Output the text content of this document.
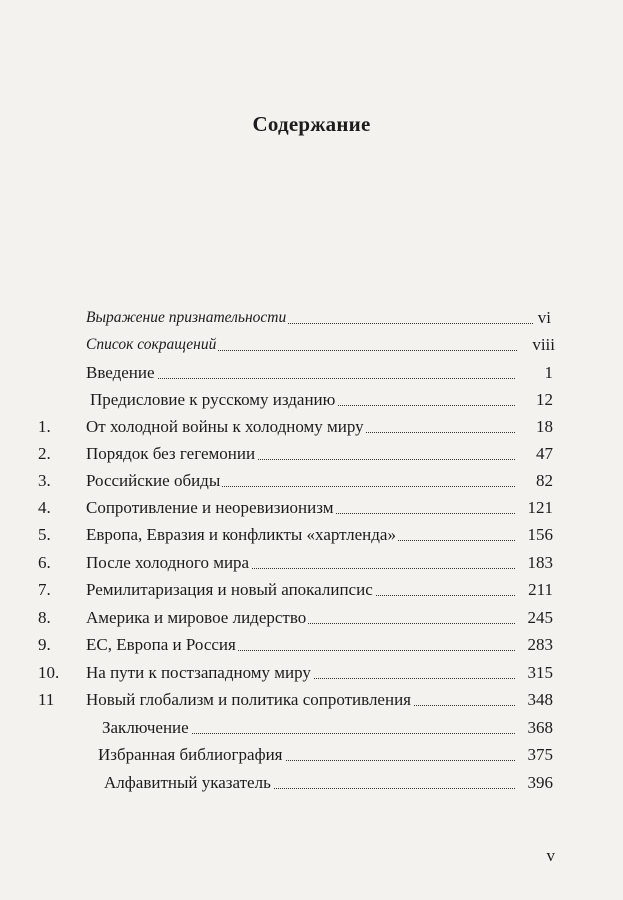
Содержание
Выражение признательности	vi
Список сокращений	viii
Введение	1
Предисловие к русскому изданию	12
1.	От холодной войны к холодному миру	18
2.	Порядок без гегемонии	47
3.	Российские обиды	82
4.	Сопротивление и неоревизионизм	121
5.	Европа, Евразия и конфликты «хартленда»	156
6.	После холодного мира	183
7.	Ремилитаризация и новый апокалипсис	211
8.	Америка и мировое лидерство	245
9.	ЕС, Европа и Россия	283
10.	На пути к постзападному миру	315
11	Новый глобализм и политика сопротивления	348
Заключение	368
Избранная библиография	375
Алфавитный указатель	396
v
